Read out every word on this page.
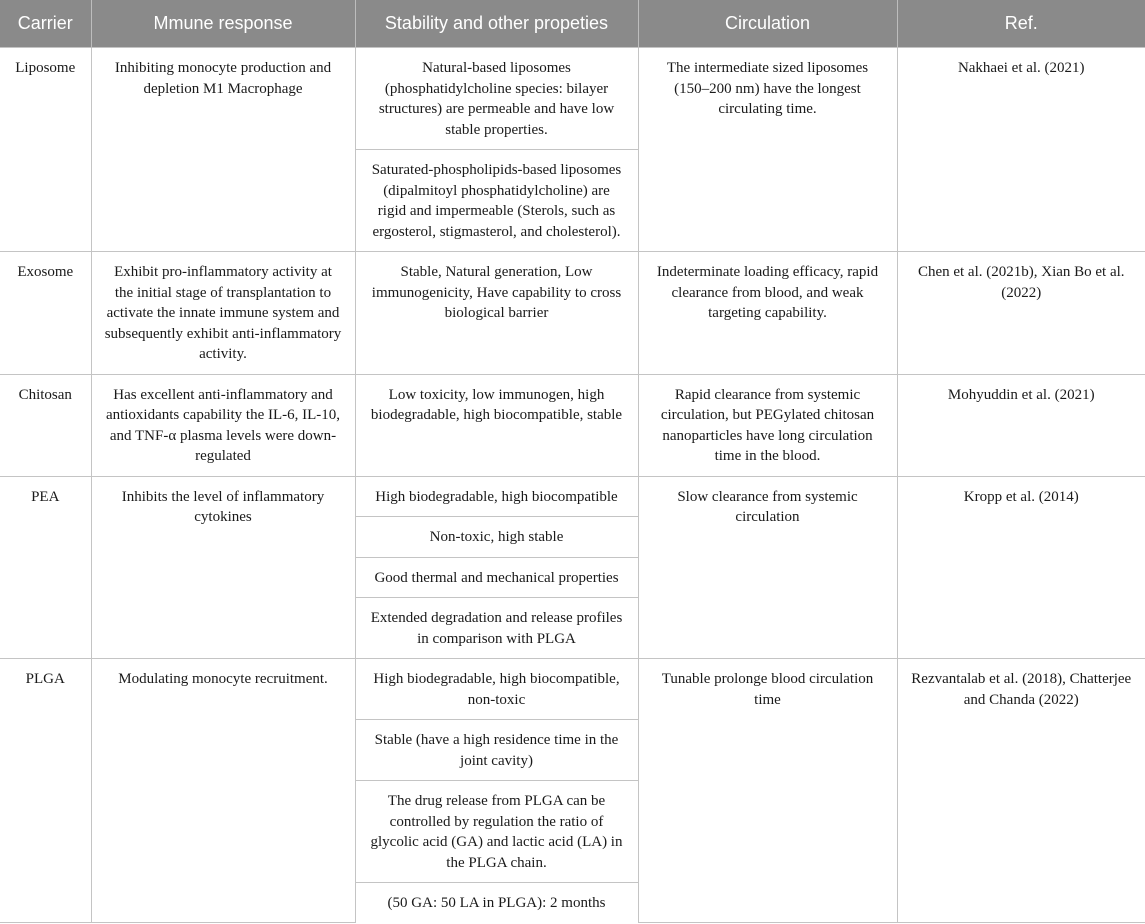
Carrier	Mmune response	Stability and other propeties	Circulation	Ref.
Liposome	Inhibiting monocyte production and depletion M1 Macrophage	Natural-based liposomes (phosphatidylcholine species: bilayer structures) are permeable and have low stable properties.	The intermediate sized liposomes (150–200 nm) have the longest circulating time.	Nakhaei et al. (2021)
		Saturated-phospholipids-based liposomes (dipalmitoyl phosphatidylcholine) are rigid and impermeable (Sterols, such as ergosterol, stigmasterol, and cholesterol).		
Exosome	Exhibit pro-inflammatory activity at the initial stage of transplantation to activate the innate immune system and subsequently exhibit anti-inflammatory activity.	Stable, Natural generation, Low immunogenicity, Have capability to cross biological barrier	Indeterminate loading efficacy, rapid clearance from blood, and weak targeting capability.	Chen et al. (2021b), Xian Bo et al. (2022)
Chitosan	Has excellent anti-inflammatory and antioxidants capability the IL-6, IL-10, and TNF-α plasma levels were down-regulated	Low toxicity, low immunogen, high biodegradable, high biocompatible, stable	Rapid clearance from systemic circulation, but PEGylated chitosan nanoparticles have long circulation time in the blood.	Mohyuddin et al. (2021)
PEA	Inhibits the level of inflammatory cytokines	High biodegradable, high biocompatible	Slow clearance from systemic circulation	Kropp et al. (2014)
		Non-toxic, high stable		
		Good thermal and mechanical properties		
		Extended degradation and release profiles in comparison with PLGA		
PLGA	Modulating monocyte recruitment.	High biodegradable, high biocompatible, non-toxic	Tunable prolonge blood circulation time	Rezvantalab et al. (2018), Chatterjee and Chanda (2022)
		Stable (have a high residence time in the joint cavity)		
		The drug release from PLGA can be controlled by regulation the ratio of glycolic acid (GA) and lactic acid (LA) in the PLGA chain.		
		(50 GA: 50 LA in PLGA): 2 months		
